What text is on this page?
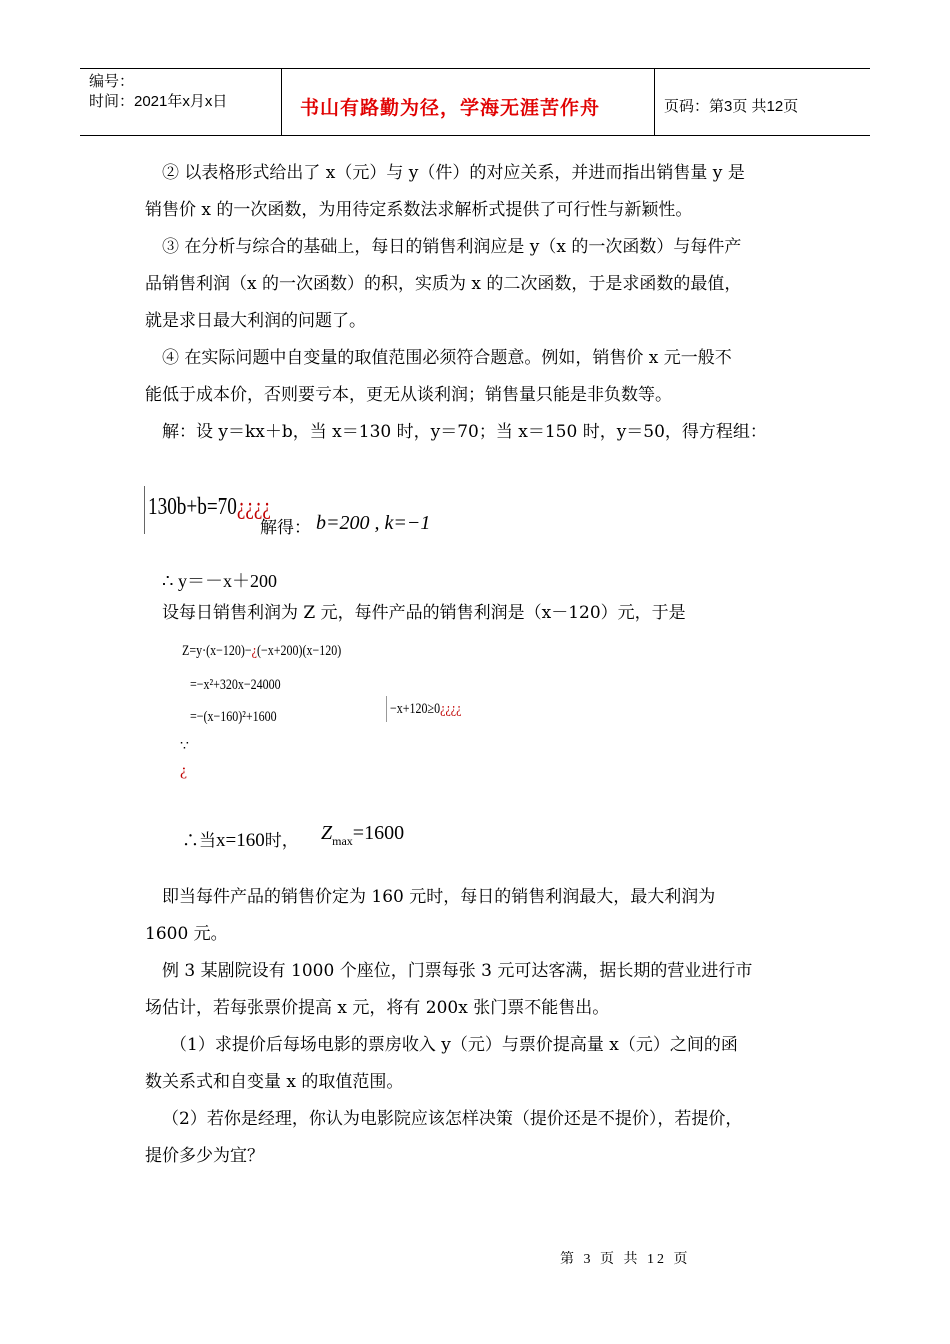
编号：
时间：2021年x月x日	书山有路勤为径，学海无涯苦作舟	页码：第3页 共12页
② 以表格形式给出了 x（元）与 y（件）的对应关系，并进而指出销售量 y 是
销售价 x 的一次函数，为用待定系数法求解析式提供了可行性与新颖性。
③ 在分析与综合的基础上，每日的销售利润应是 y（x 的一次函数）与每件产
品销售利润（x 的一次函数）的积，实质为 x 的二次函数，于是求函数的最值，
就是求日最大利润的问题了。
④ 在实际问题中自变量的取值范围必须符合题意。例如，销售价 x 元一般不
能低于成本价，否则要亏本，更无从谈利润；销售量只能是非负数等。
解：设 y＝kx＋b，当 x＝130 时，y＝70；当 x＝150 时，y＝50，得方程组：
130b+b=70¿¿¿¿
解得： b=200 , k=−1
∴ y＝－x＋200
设每日销售利润为 Z 元，每件产品的销售利润是（x－120）元，于是
Z=y·(x−120)−¿(−x+200)(x−120)
=−x²+320x−24000
=−(x−160)²+1600	−x+120≥0¿¿¿¿
∵
¿
∴当x=160时， $Z_{max}=1600$
即当每件产品的销售价定为 160 元时，每日的销售利润最大，最大利润为
1600 元。
例 3 某剧院设有 1000 个座位，门票每张 3 元可达客满，据长期的营业进行市
场估计，若每张票价提高 x 元，将有 200x 张门票不能售出。
（1）求提价后每场电影的票房收入 y（元）与票价提高量 x（元）之间的函
数关系式和自变量 x 的取值范围。
（2）若你是经理，你认为电影院应该怎样决策（提价还是不提价），若提价，
提价多少为宜？
第 3 页 共 12 页
